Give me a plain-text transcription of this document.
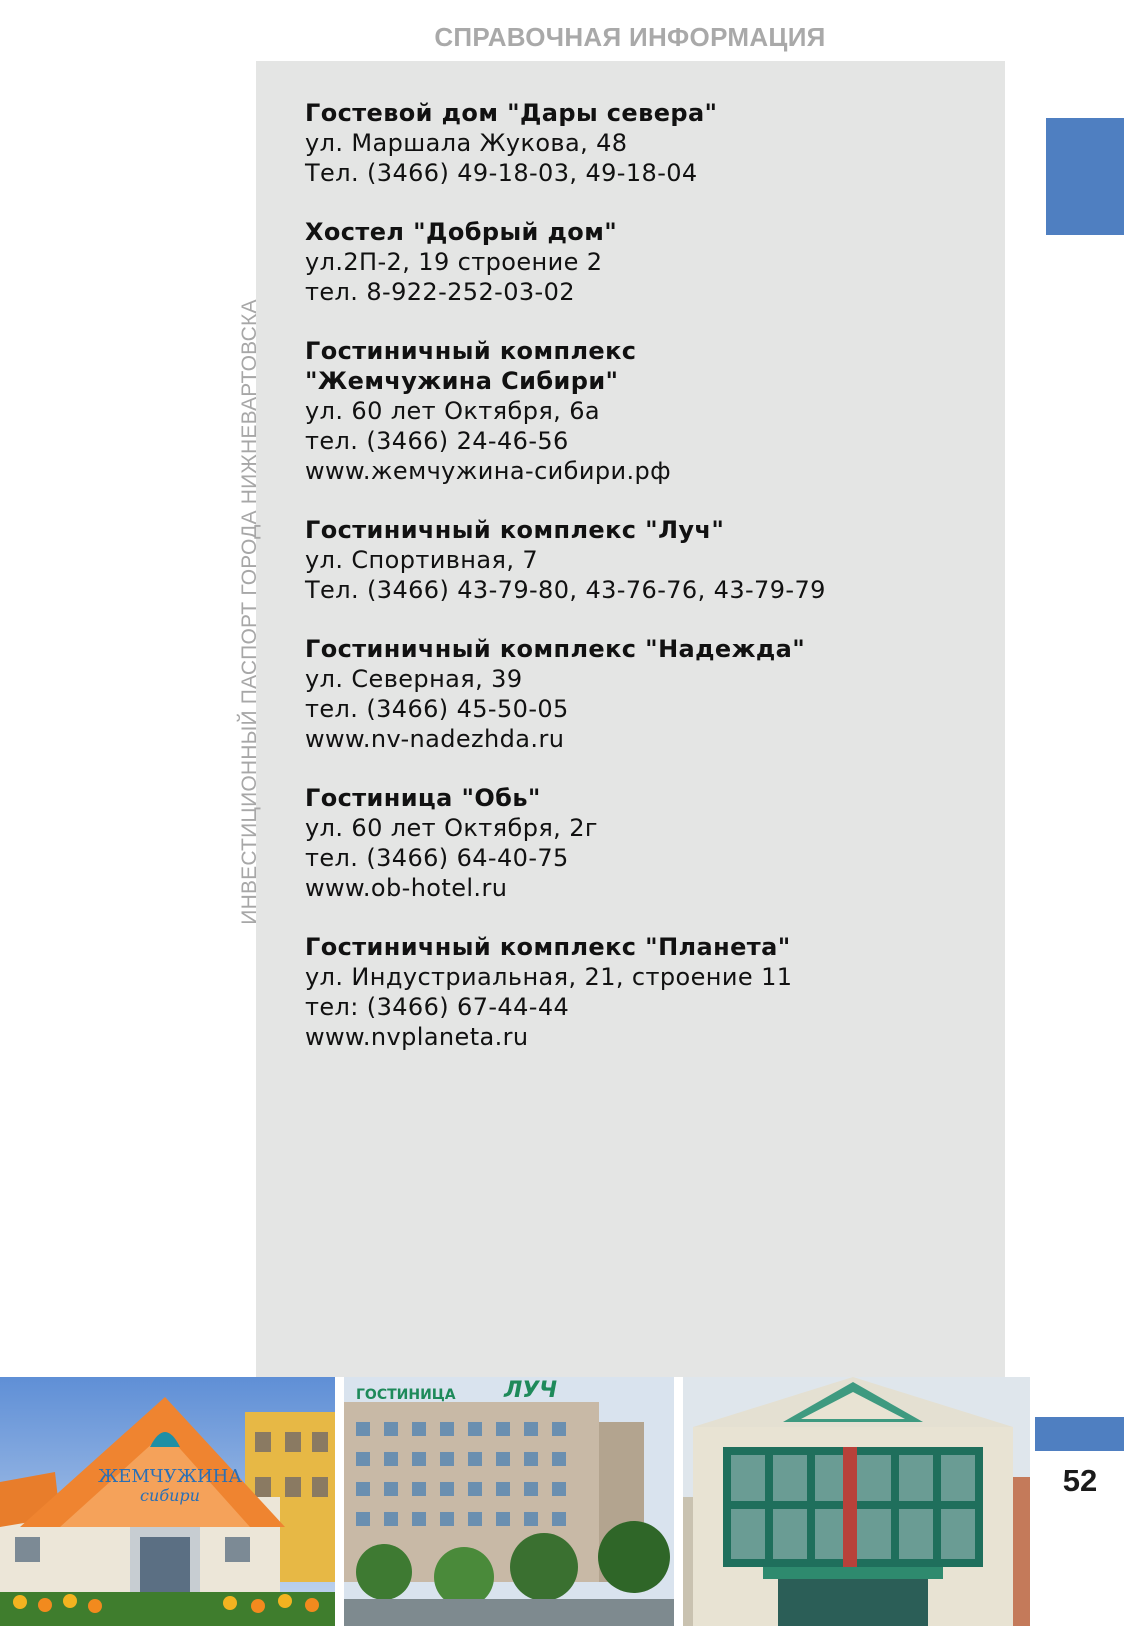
СПРАВОЧНАЯ ИНФОРМАЦИЯ
ИНВЕСТИЦИОННЫЙ ПАСПОРТ ГОРОДА НИЖНЕВАРТОВСКА
52

Гостевой дом "Дары севера"

ул. Маршала Жукова, 48

Тел. (3466) 49-18-03, 49-18-04

Хостел "Добрый дом"

ул.2П-2, 19 строение 2

тел. 8-922-252-03-02

Гостиничный комплекс

"Жемчужина Сибири"

ул. 60 лет Октября, 6а

тел. (3466) 24-46-56

www.жемчужина-сибири.рф

Гостиничный комплекс "Луч"

ул. Спортивная, 7

Тел. (3466) 43-79-80, 43-76-76, 43-79-79

Гостиничный комплекс "Надежда"

ул. Северная, 39

тел. (3466) 45-50-05

www.nv-nadezhda.ru

Гостиница "Обь"

ул. 60 лет Октября, 2г

тел. (3466) 64-40-75

www.ob-hotel.ru

Гостиничный комплекс "Планета"

ул. Индустриальная, 21, строение 11

тел: (3466) 67-44-44

www.nvplaneta.ru

ЖЕМЧУЖИНА
сибири
ГОСТИНИЦА ЛУЧ
